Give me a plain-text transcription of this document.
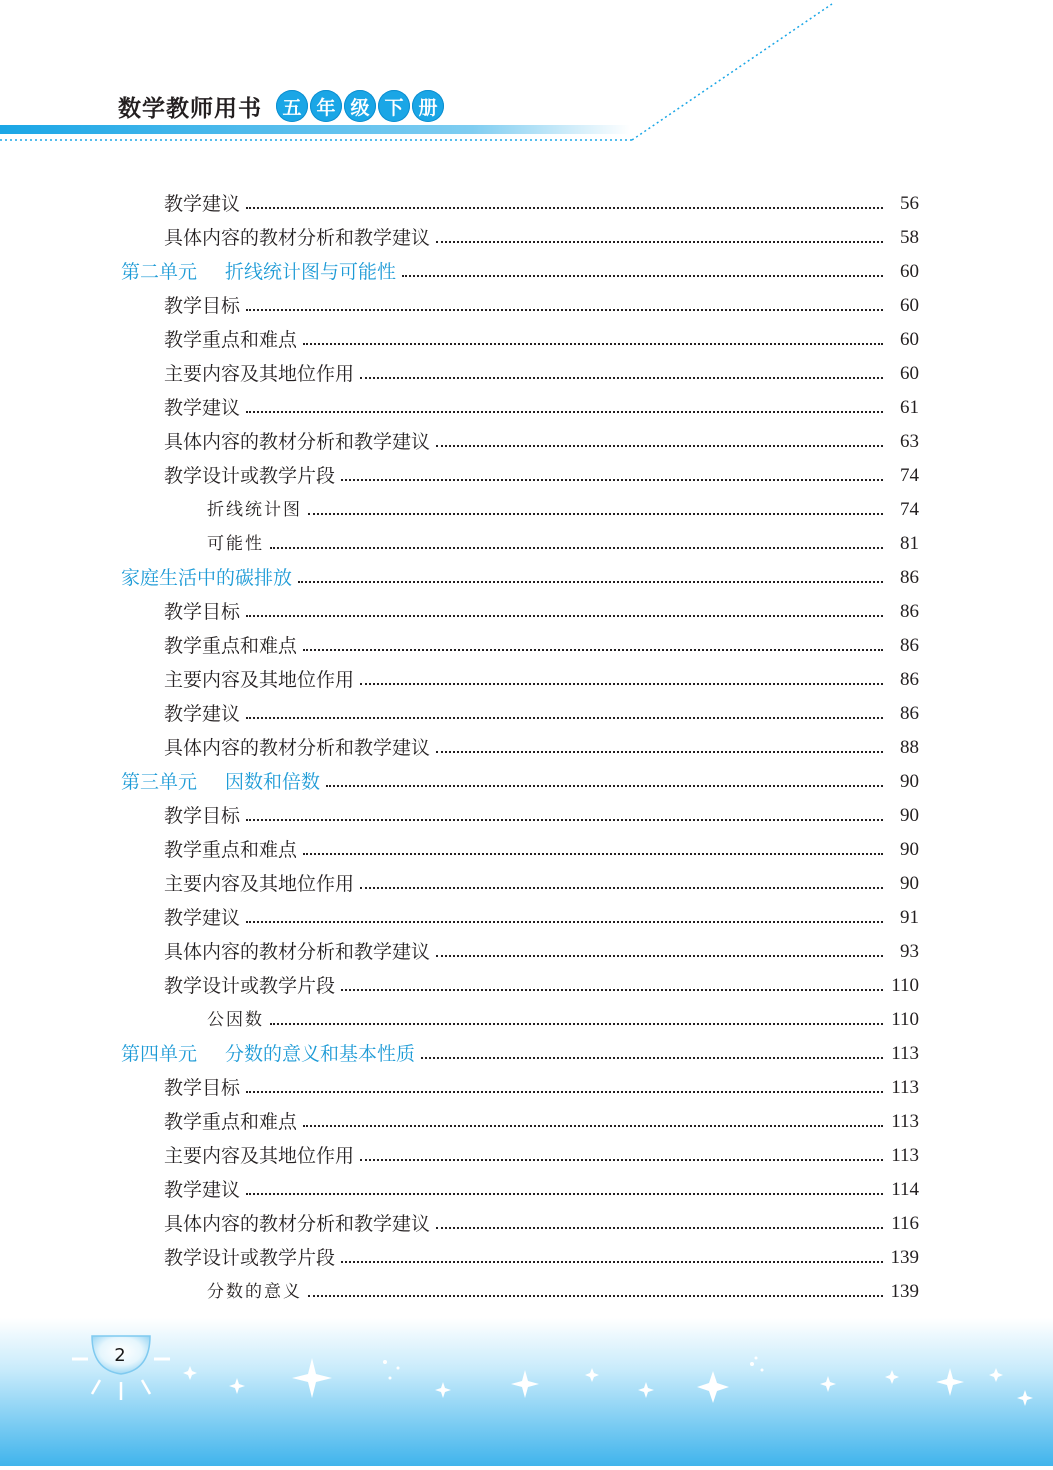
数学教师用书	五 年 级 下 册
教学建议	56
具体内容的教材分析和教学建议	58
第二单元 折线统计图与可能性	60
教学目标	60
教学重点和难点	60
主要内容及其地位作用	60
教学建议	61
具体内容的教材分析和教学建议	63
教学设计或教学片段	74
折线统计图	74
可能性	81
家庭生活中的碳排放	86
教学目标	86
教学重点和难点	86
主要内容及其地位作用	86
教学建议	86
具体内容的教材分析和教学建议	88
第三单元 因数和倍数	90
教学目标	90
教学重点和难点	90
主要内容及其地位作用	90
教学建议	91
具体内容的教材分析和教学建议	93
教学设计或教学片段	110
公因数	110
第四单元 分数的意义和基本性质	113
教学目标	113
教学重点和难点	113
主要内容及其地位作用	113
教学建议	114
具体内容的教材分析和教学建议	116
教学设计或教学片段	139
分数的意义	139
2
